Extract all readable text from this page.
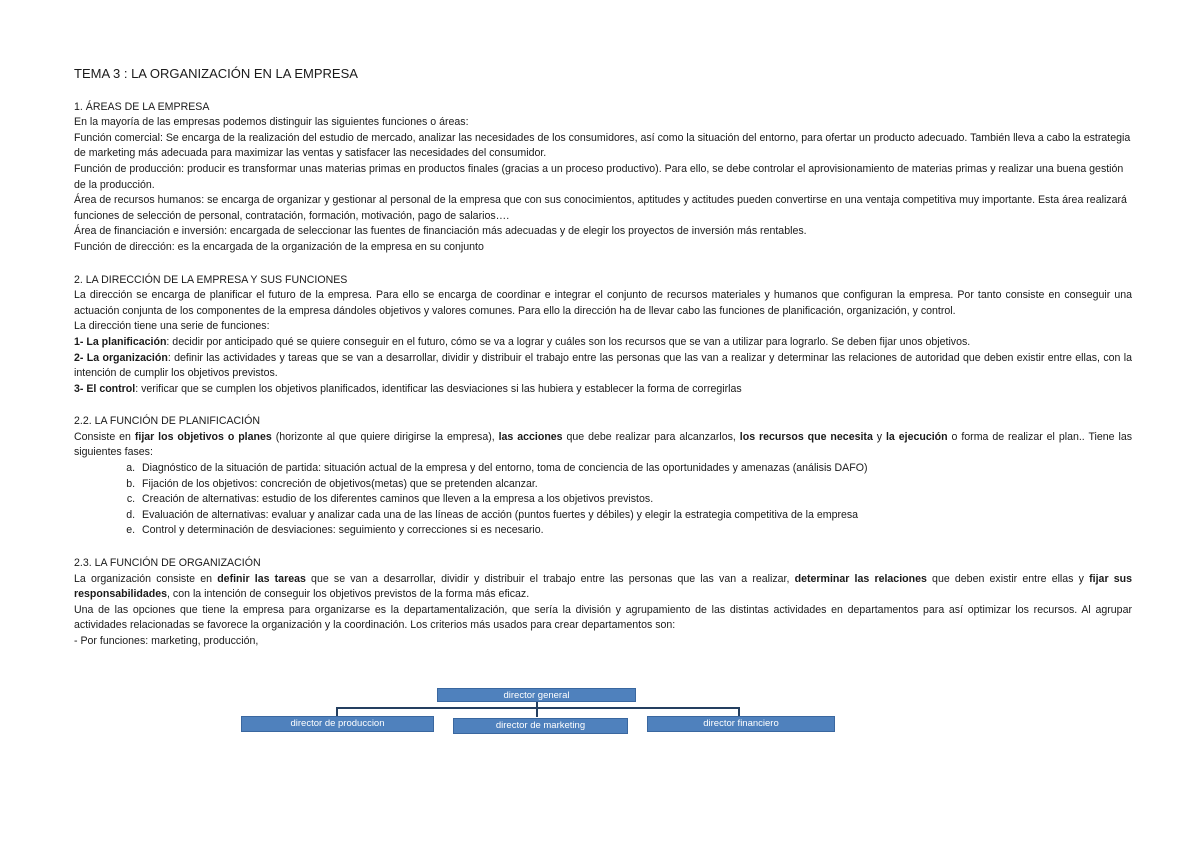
TEMA 3 : LA ORGANIZACIÓN EN LA EMPRESA

1. ÁREAS DE LA EMPRESA

En la mayoría de las empresas podemos distinguir las siguientes funciones o áreas:

Función comercial: Se encarga de la realización del estudio de mercado, analizar las necesidades de los consumidores, así como la situación del entorno, para ofertar un producto adecuado. También lleva a cabo la estrategia de marketing más adecuada para maximizar las ventas y satisfacer las necesidades del consumidor.

Función de producción: producir es transformar unas materias primas en productos finales (gracias a un proceso productivo). Para ello, se debe controlar el aprovisionamiento de materias primas y realizar una buena gestión de la producción.

Área de recursos humanos: se encarga de organizar y gestionar al personal de la empresa que con sus conocimientos, aptitudes y actitudes pueden convertirse en una ventaja competitiva muy importante. Esta área realizará funciones de selección de personal, contratación, formación, motivación, pago de salarios….

Área de financiación e inversión: encargada de seleccionar las fuentes de financiación más adecuadas y de elegir los proyectos de inversión más rentables.

Función de dirección: es la encargada de la organización de la empresa en su conjunto

2. LA DIRECCIÓN DE LA EMPRESA Y SUS FUNCIONES

La dirección se encarga de planificar el futuro de la empresa. Para ello se encarga de coordinar e integrar el conjunto de recursos materiales y humanos que configuran la empresa. Por tanto consiste en conseguir una actuación conjunta de los componentes de la empresa dándoles objetivos y valores comunes. Para ello la dirección ha de llevar cabo las funciones de planificación, organización, y control.

La dirección tiene una serie de funciones:

1- La planificación: decidir por anticipado qué se quiere conseguir en el futuro, cómo se va a lograr y cuáles son los recursos que se van a utilizar para lograrlo. Se deben fijar unos objetivos.

2- La organización: definir las actividades y tareas que se van a desarrollar, dividir y distribuir el trabajo entre las personas que las van a realizar y determinar las relaciones de autoridad que deben existir entre ellas, con la intención de cumplir los objetivos previstos.

3- El control: verificar que se cumplen los objetivos planificados, identificar las desviaciones si las hubiera y establecer la forma de corregirlas

2.2. LA FUNCIÓN DE PLANIFICACIÓN

Consiste en fijar los objetivos o planes (horizonte al que quiere dirigirse la empresa), las acciones que debe realizar para alcanzarlos, los recursos que necesita y la ejecución o forma de realizar el plan.. Tiene las siguientes fases:

a. Diagnóstico de la situación de partida: situación actual de la empresa y del entorno, toma de conciencia de las oportunidades y amenazas (análisis DAFO)
b. Fijación de los objetivos: concreción de objetivos(metas) que se pretenden alcanzar.
c. Creación de alternativas: estudio de los diferentes caminos que lleven a la empresa a los objetivos previstos.
d. Evaluación de alternativas: evaluar y analizar cada una de las líneas de acción (puntos fuertes y débiles) y elegir la estrategia competitiva de la empresa
e. Control y determinación de desviaciones: seguimiento y correcciones si es necesario.

2.3. LA FUNCIÓN DE ORGANIZACIÓN

La organización consiste en definir las tareas que se van a desarrollar, dividir y distribuir el trabajo entre las personas que las van a realizar, determinar las relaciones que deben existir entre ellas y fijar sus responsabilidades, con la intención de conseguir los objetivos previstos de la forma más eficaz.

Una de las opciones que tiene la empresa para organizarse es la departamentalización, que sería la división y agrupamiento de las distintas actividades en departamentos para así optimizar los recursos. Al agrupar actividades relacionadas se favorece la organización y la coordinación. Los criterios más usados para crear departamentos son:

- Por funciones: marketing, producción,

director general
director de produccion	director de marketing	director financiero
